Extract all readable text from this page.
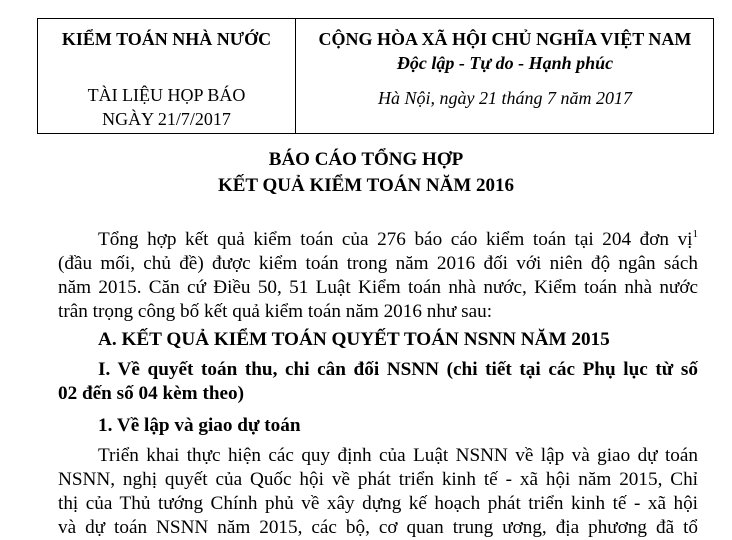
KIỂM TOÁN NHÀ NƯỚC
TÀI LIỆU HỌP BÁO
NGÀY 21/7/2017
CỘNG HÒA XÃ HỘI CHỦ NGHĨA VIỆT NAM
Độc lập - Tự do - Hạnh phúc
Hà Nội, ngày 21 tháng 7 năm 2017
BÁO CÁO TỔNG HỢP
KẾT QUẢ KIỂM TOÁN NĂM 2016
Tổng hợp kết quả kiểm toán của 276 báo cáo kiểm toán tại 204 đơn vị$^1$
(đầu mối, chủ đề) được kiểm toán trong năm 2016 đối với niên độ ngân sách
năm 2015. Căn cứ Điều 50, 51 Luật Kiểm toán nhà nước, Kiểm toán nhà nước
trân trọng công bố kết quả kiểm toán năm 2016 như sau:
A. KẾT QUẢ KIỂM TOÁN QUYẾT TOÁN NSNN NĂM 2015
I. Về quyết toán thu, chi cân đối NSNN (chi tiết tại các Phụ lục từ số
02 đến số 04 kèm theo)
1. Về lập và giao dự toán
Triển khai thực hiện các quy định của Luật NSNN về lập và giao dự toán
NSNN, nghị quyết của Quốc hội về phát triển kinh tế - xã hội năm 2015, Chỉ
thị của Thủ tướng Chính phủ về xây dựng kế hoạch phát triển kinh tế - xã hội
và dự toán NSNN năm 2015, các bộ, cơ quan trung ương, địa phương đã tổ
